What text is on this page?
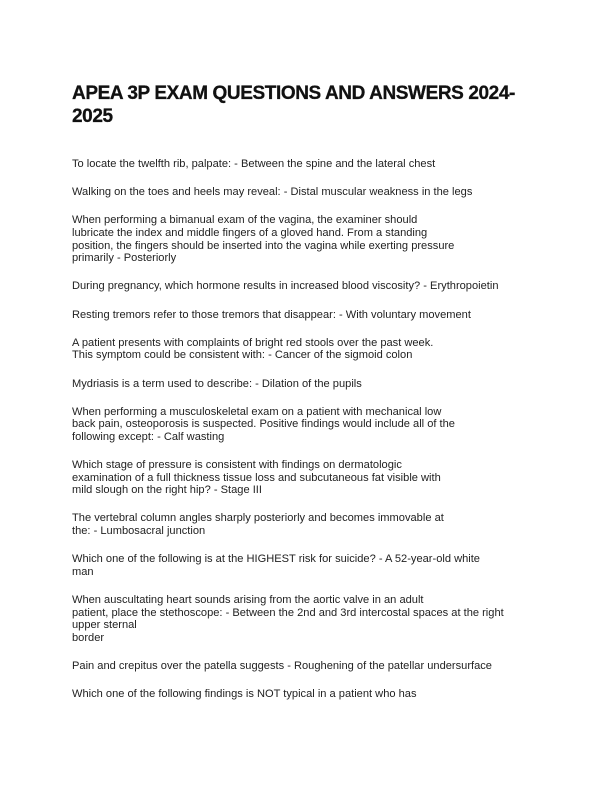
APEA 3P EXAM QUESTIONS AND ANSWERS 2024-
2025
To locate the twelfth rib, palpate: - Between the spine and the lateral chest
Walking on the toes and heels may reveal: - Distal muscular weakness in the legs
When performing a bimanual exam of the vagina, the examiner should
lubricate the index and middle fingers of a gloved hand. From a standing
position, the fingers should be inserted into the vagina while exerting pressure
primarily - Posteriorly
During pregnancy, which hormone results in increased blood viscosity? - Erythropoietin
Resting tremors refer to those tremors that disappear: - With voluntary movement
A patient presents with complaints of bright red stools over the past week.
This symptom could be consistent with: - Cancer of the sigmoid colon
Mydriasis is a term used to describe: - Dilation of the pupils
When performing a musculoskeletal exam on a patient with mechanical low
back pain, osteoporosis is suspected. Positive findings would include all of the
following except: - Calf wasting
Which stage of pressure is consistent with findings on dermatologic
examination of a full thickness tissue loss and subcutaneous fat visible with
mild slough on the right hip? - Stage III
The vertebral column angles sharply posteriorly and becomes immovable at
the: - Lumbosacral junction
Which one of the following is at the HIGHEST risk for suicide? - A 52-year-old white
man
When auscultating heart sounds arising from the aortic valve in an adult
patient, place the stethoscope: - Between the 2nd and 3rd intercostal spaces at the right
upper sternal
border
Pain and crepitus over the patella suggests - Roughening of the patellar undersurface
Which one of the following findings is NOT typical in a patient who has
